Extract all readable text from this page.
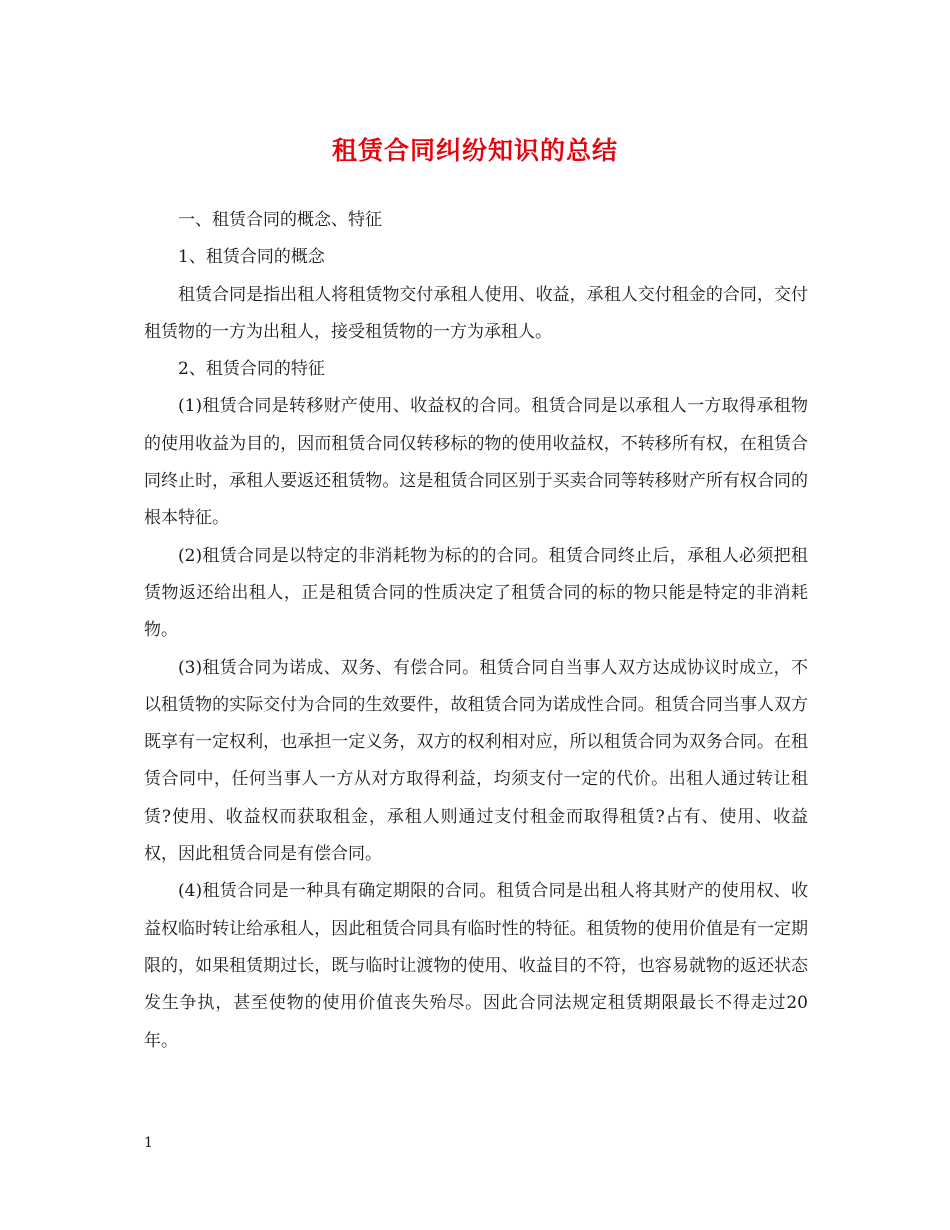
租赁合同纠纷知识的总结

一、租赁合同的概念、特征

1、租赁合同的概念

租赁合同是指出租人将租赁物交付承租人使用、收益，承租人交付租金的合同，交付租赁物的一方为出租人，接受租赁物的一方为承租人。

2、租赁合同的特征

(1)租赁合同是转移财产使用、收益权的合同。租赁合同是以承租人一方取得承租物的使用收益为目的，因而租赁合同仅转移标的物的使用收益权，不转移所有权，在租赁合同终止时，承租人要返还租赁物。这是租赁合同区别于买卖合同等转移财产所有权合同的根本特征。

(2)租赁合同是以特定的非消耗物为标的的合同。租赁合同终止后，承租人必须把租赁物返还给出租人，正是租赁合同的性质决定了租赁合同的标的物只能是特定的非消耗物。

(3)租赁合同为诺成、双务、有偿合同。租赁合同自当事人双方达成协议时成立，不以租赁物的实际交付为合同的生效要件，故租赁合同为诺成性合同。租赁合同当事人双方既享有一定权利，也承担一定义务，双方的权利相对应，所以租赁合同为双务合同。在租赁合同中，任何当事人一方从对方取得利益，均须支付一定的代价。出租人通过转让租赁?使用、收益权而获取租金，承租人则通过支付租金而取得租赁?占有、使用、收益权，因此租赁合同是有偿合同。

(4)租赁合同是一种具有确定期限的合同。租赁合同是出租人将其财产的使用权、收益权临时转让给承租人，因此租赁合同具有临时性的特征。租赁物的使用价值是有一定期限的，如果租赁期过长，既与临时让渡物的使用、收益目的不符，也容易就物的返还状态发生争执，甚至使物的使用价值丧失殆尽。因此合同法规定租赁期限最长不得走过20年。

1
